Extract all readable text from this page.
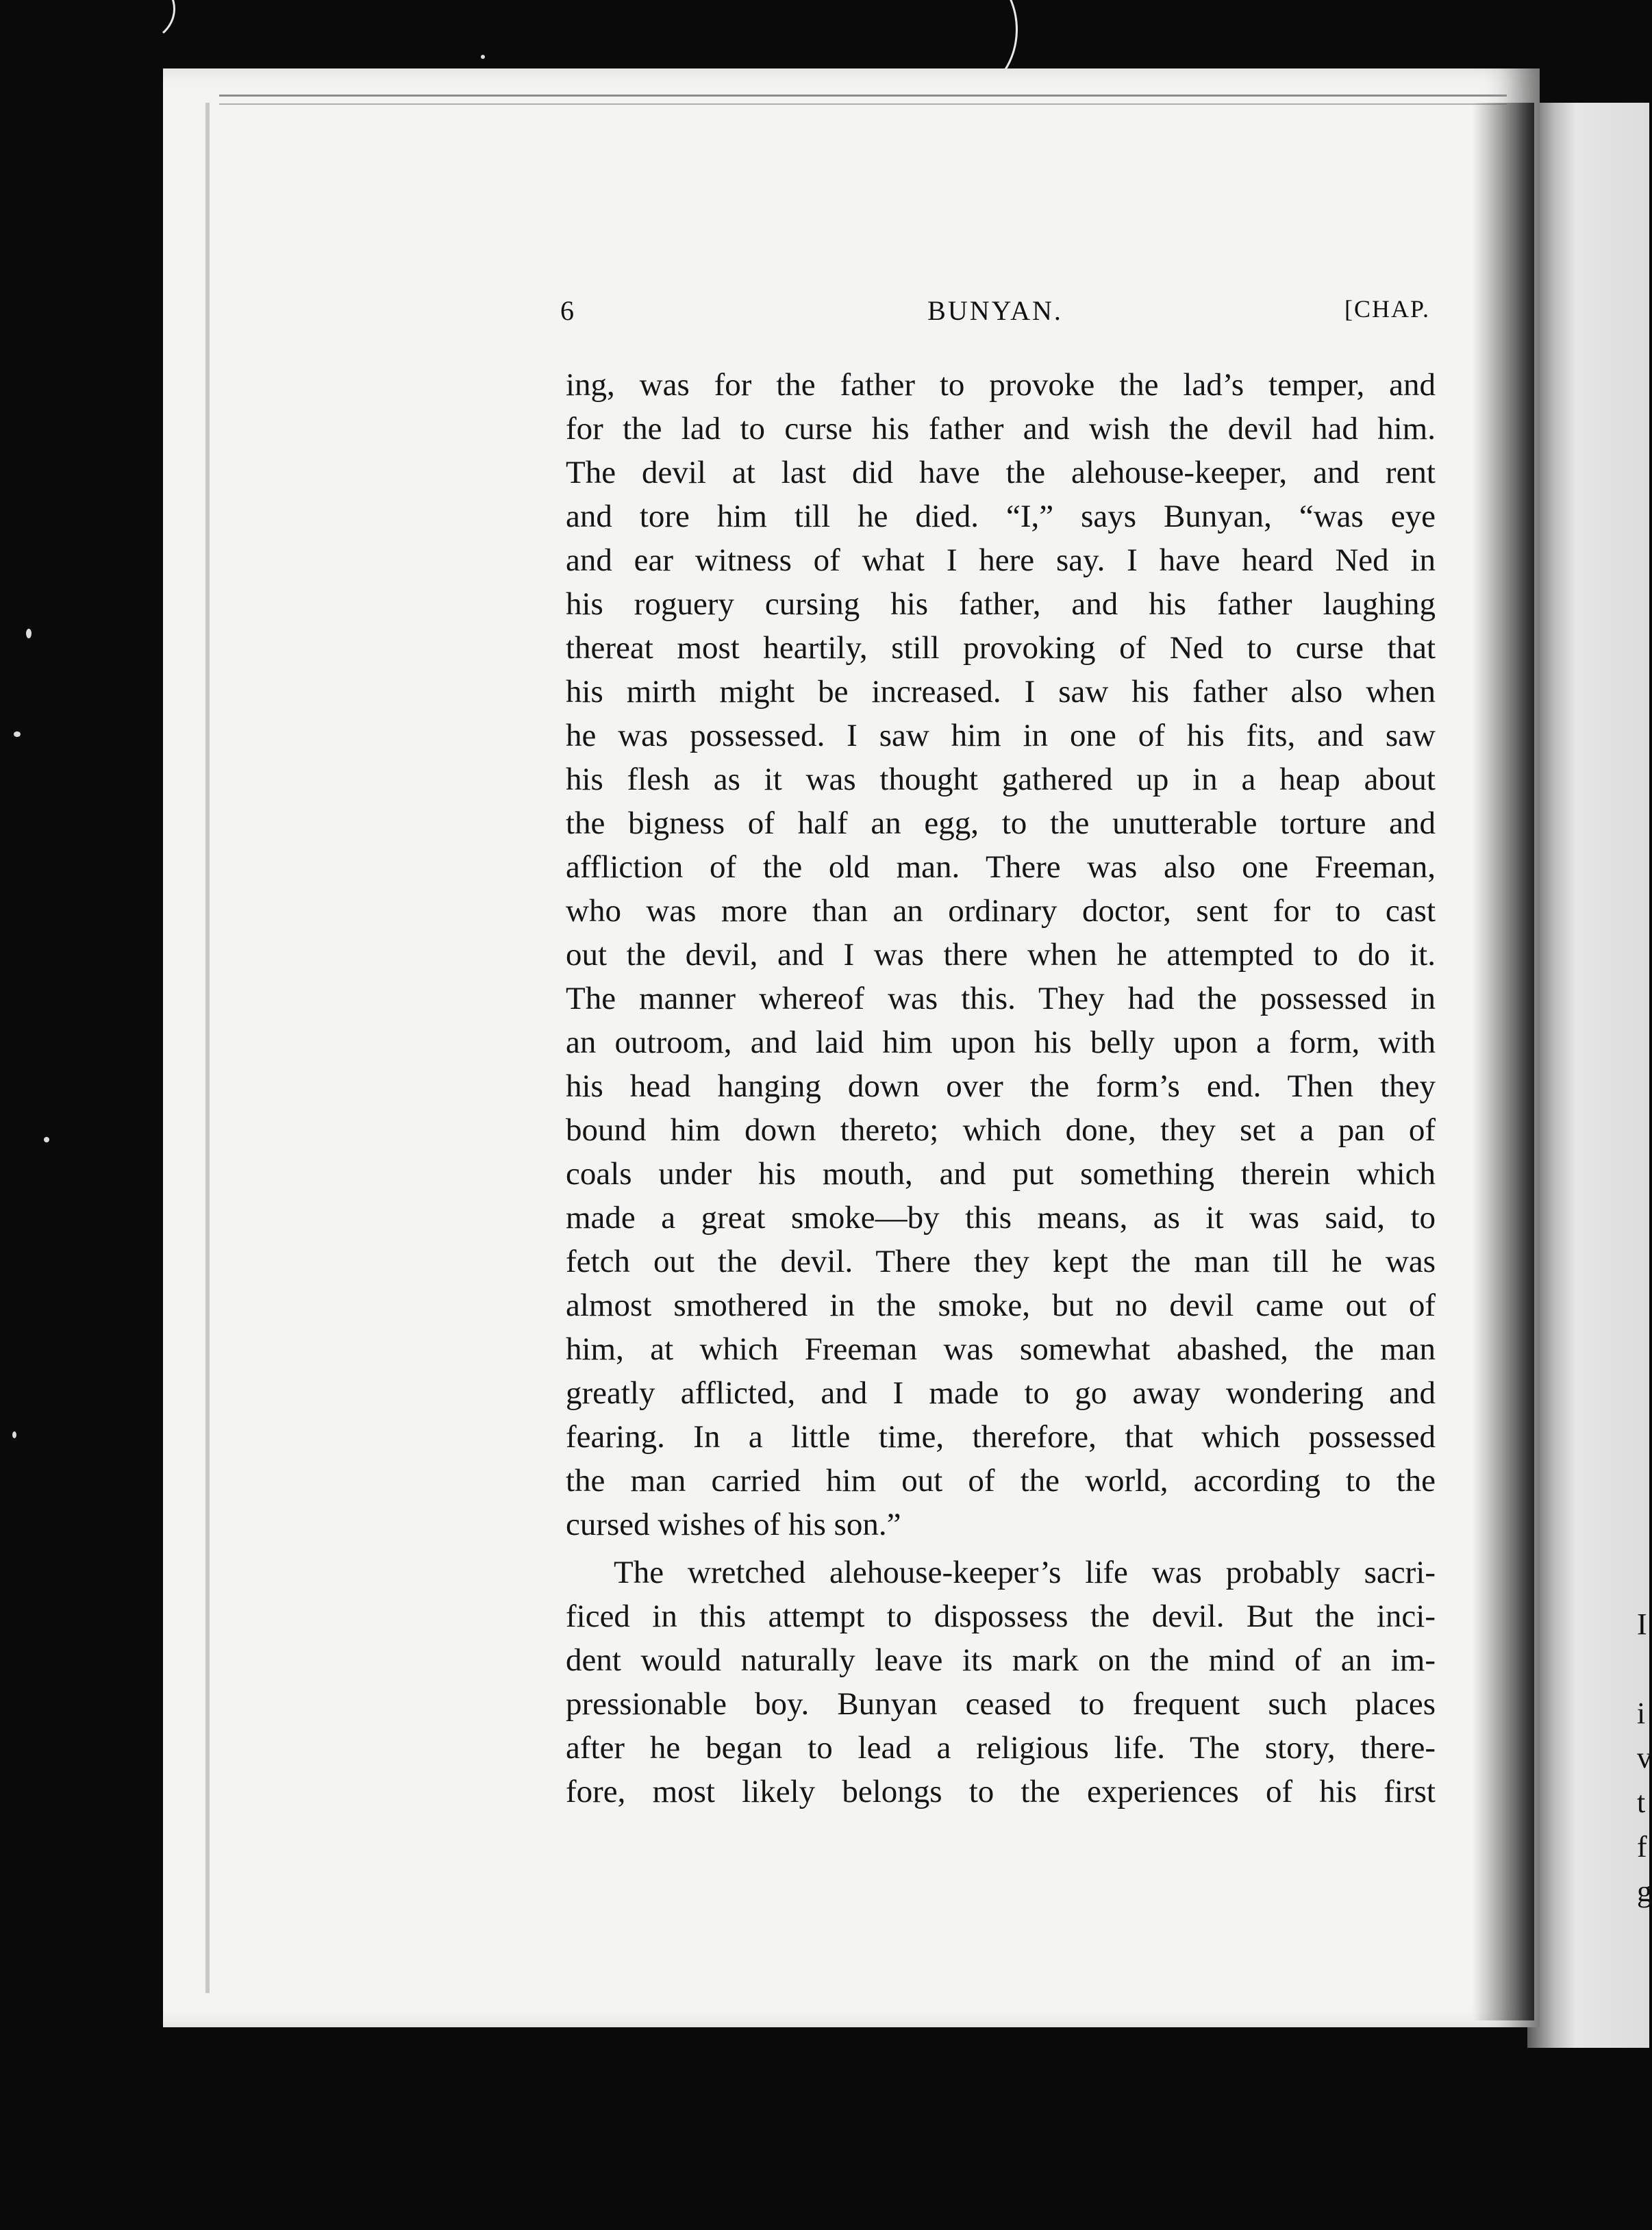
I
i
v
t
f
g
6	BUNYAN.	[CHAP.
ing, was for the father to provoke the lad’s temper, and
for the lad to curse his father and wish the devil had him.
The devil at last did have the alehouse-keeper, and rent
and tore him till he died. “I,” says Bunyan, “was eye
and ear witness of what I here say. I have heard Ned in
his roguery cursing his father, and his father laughing
thereat most heartily, still provoking of Ned to curse that
his mirth might be increased. I saw his father also when
he was possessed. I saw him in one of his fits, and saw
his flesh as it was thought gathered up in a heap about
the bigness of half an egg, to the unutterable torture and
affliction of the old man. There was also one Freeman,
who was more than an ordinary doctor, sent for to cast
out the devil, and I was there when he attempted to do it.
The manner whereof was this. They had the possessed in
an outroom, and laid him upon his belly upon a form, with
his head hanging down over the form’s end. Then they
bound him down thereto; which done, they set a pan of
coals under his mouth, and put something therein which
made a great smoke—by this means, as it was said, to
fetch out the devil. There they kept the man till he was
almost smothered in the smoke, but no devil came out of
him, at which Freeman was somewhat abashed, the man
greatly afflicted, and I made to go away wondering and
fearing. In a little time, therefore, that which possessed
the man carried him out of the world, according to the
cursed wishes of his son.”
The wretched alehouse-keeper’s life was probably sacri-
ficed in this attempt to dispossess the devil. But the inci-
dent would naturally leave its mark on the mind of an im-
pressionable boy. Bunyan ceased to frequent such places
after he began to lead a religious life. The story, there-
fore, most likely belongs to the experiences of his first
